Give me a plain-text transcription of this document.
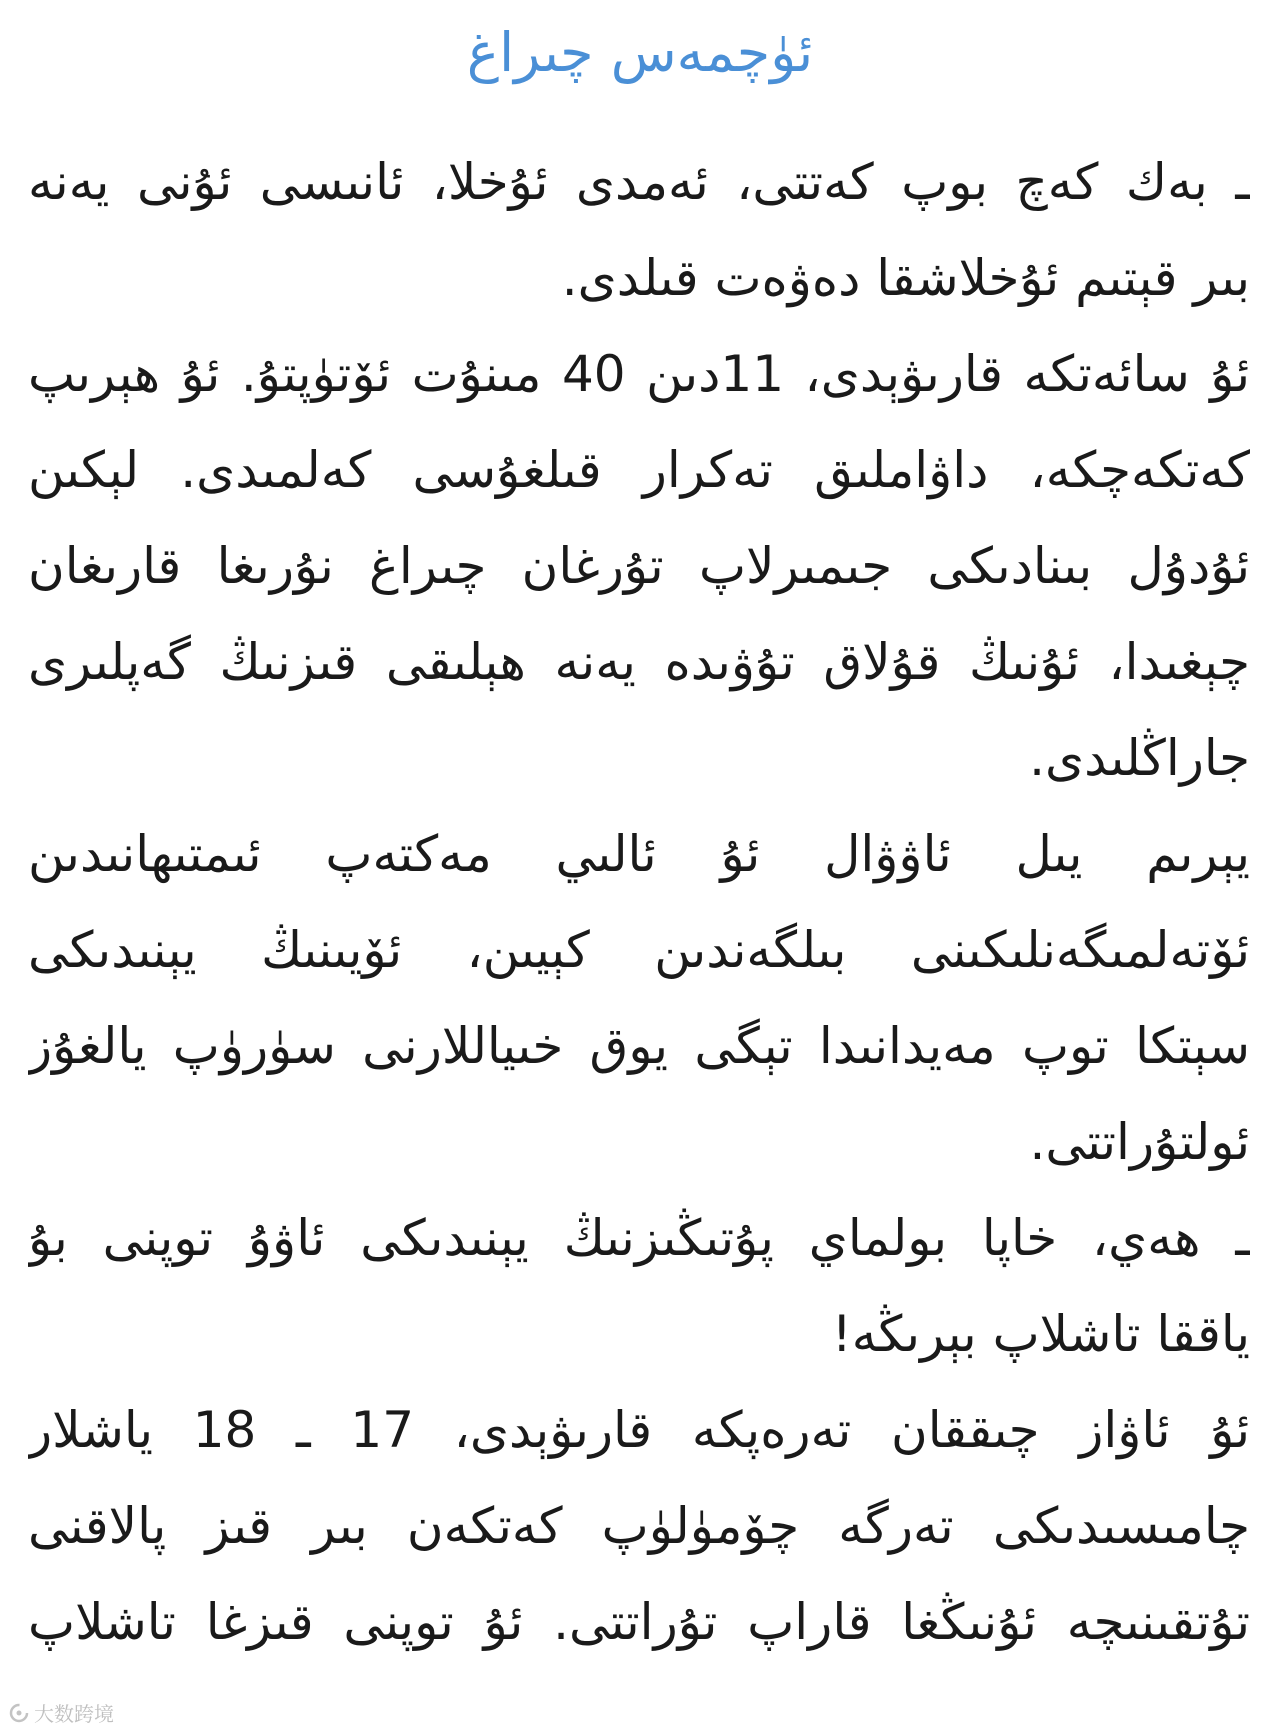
ئۈچمەس چىراغ
ـ بەك كەچ بوپ كەتتى، ئەمدى ئۇخلا، ئانىسى ئۇنى يەنە
بىر قېتىم ئۇخلاشقا دەۋەت قىلدى.
ئۇ سائەتكە قارىۋېدى، 11دىن 40 مىنۇت ئۆتۈپتۇ. ئۇ ھېرىپ
كەتكەچكە، داۋاملىق تەكرار قىلغۇسى كەلمىدى. لېكىن
ئۇدۇل بىنادىكى جىمىرلاپ تۇرغان چىراغ نۇرىغا قارىغان
چېغىدا، ئۇنىڭ قۇلاق تۇۋىدە يەنە ھېلىقى قىزنىڭ گەپلىرى
جاراڭلىدى.
يېرىم يىل ئاۋۋال ئۇ ئالىي مەكتەپ ئىمتىھانىدىن
ئۆتەلمىگەنلىكىنى بىلگەندىن كېيىن، ئۆيىنىڭ يېنىدىكى
سېتكا توپ مەيدانىدا تېگى يوق خىياللارنى سۈرۈپ يالغۇز
ئولتۇراتتى.
ـ ھەي، خاپا بولماي پۇتىڭىزنىڭ يېنىدىكى ئاۋۇ توپنى بۇ
ياققا تاشلاپ بېرىڭە!
ئۇ ئاۋاز چىققان تەرەپكە قارىۋېدى، 17 ـ 18 ياشلار
چامىسىدىكى تەرگە چۆمۈلۈپ كەتكەن بىر قىز پالاقنى
تۇتقىنىچە ئۇنىڭغا قاراپ تۇراتتى. ئۇ توپنى قىزغا تاشلاپ
大数跨境
